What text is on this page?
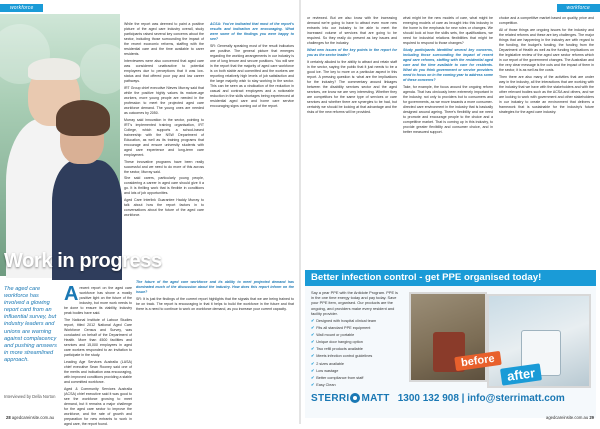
workforce
Work in progress
The aged care workforce has involved a glowing report card from an influential survey, but industry leaders and unions are warning against complacency and pushing answers in more streamlined approach.
Interviewed by Della Norton

Arecent report on the aged care workforce has shone a mostly positive light on the future of the industry, but more work needs to be done to ensure its viability, industry peak bodies have said.

The National Institute of Labour Studies report, titled 2012 National Aged Care Workforce Census and Survey, was conducted on behalf of the Department of Health. More than 4500 facilities and services and 15,000 employees in aged care workers responded to an invitation to participate in the study.

Leading Age Services Australia (LASA) chief executive Sean Rooney said one of the merits and indication was encouraging, with improved conditions providing a stable and committed workforce.

Aged & Community Services Australia (ACSA) chief executive said it was good to see the workforce growing to meet demand, but it remains a major challenge for the aged care sector to improve the workforce, and the rate of growth and preparation for new entrants to work in aged care, the report found.

While the report was deemed to paint a positive picture of the aged care industry overall, study participants raised several key concerns about the sector, including those surrounding the impact of the recent economic reforms, staffing with the residential care and the time available to carer residents.

Interviewees were also concerned that aged care was considered unattractive to potential employees due to perceptions that it was low-status and that offered poor pay and low career pathways.

IRT Group chief executive Nieves Murray said that while the positive highly values its mature-age workers, more young people are needed in the profession to meet the projected aged care workforce demand. The young ones are needed as outcomes by 2050.

Murray said innovation in the sector, pointing to IRT's implemented training organisation, IRT College, which supports a school-based traineeship with the NSW Department of Education, as well as its training programs that encourage and ensure university students with aged care experience and long-term care employment.

These innovative programs have been really successful and we need to do more of this across the sector, Murray said.

She said carers, particularly young people, considering a career in aged care should give it a go. It is thrilling work that is flexible in conditions and lots of job opportunities.

Aged Care Interlink Guarantee Haddy Murray to talk about how the report factors in to conversations about the future of the aged care workforce.

ACSA: You've indicated that most of the report's results and indication are encouraging. What were some of the findings you were happy to see?

SR: Generally speaking most of the result indicators are positive. The general picture that emerges regarding the working arrangements in our industry is one of long tenure and secure positions. You will see in the report that the majority of aged care workforce is on both stable and committed and the workers are reporting relatively high levels of job satisfaction and the large majority wish to stay working in the sector. This can be seen as a vindication of the reduction in casual and contract employees and a noticeable reduction in the skills shortages being experienced at residential aged care and home care service encouraging signs coming out of the report.

The future of the aged care workforce and its ability to meet projected demand has dominated much of the discussion about the industry. How does this report inform on the issue?

SR: It is just the findings of the current report highlights that the signals that we are being trained to be on track. The report is encouraging in that it helps to build the workforce in the future and that there is a need to continue to work on workforce demand, as you increase your current capacity.

28 agedcareinsite.com.au
workforce

or reviewed. But we also know with the increasing demand we're going to have to attract even more new entrants into our industry to be able to meet the increased volume of services that are going to be required. So they really do present as key issues and challenges for the industry.

What new issues of the key points in the report for you as the sector leader?

It certainly alluded to the ability to attract and retain staff in the sector, saying the public that it just needs to be a good ice. The key to more on a particular aspect in this report. A pressing question is: what are the implications for the industry? The commentary around linkages between the disability services sector and the aged services, we know we are very interesting. Whether they are competitors for the same type of services or care services and whether there are synergies to be had, but certainly we should be looking at that advantage and the risks of the new reforms will be provided.

what might be the new models of care, what might be emerging models of care as brought into this industry in the home is the emphasis for new roles or changes. We should look at how the skills sets, the qualifications, we need for industrial relations flexibilities that might be required to respond to those changes?

Study participants identified several key concerns, including those surrounding the impact of recent aged care reforms, staffing with the residential aged care and the time available to care for residents. What do you think government or service providers need to focus on in the coming year to address some of these concerns?

Take, for example, the focus around the ongoing reform agenda. That has obviously been extremely important in the industry, not only to providers but to consumers and for governments, as we move towards a more consumer-directed care environment in the industry that is basically designed around ageing. There's flexibility and we need to promote and encourage people to the choice and a competitive market. That is coming up in this industry, to provide greater flexibility and consumer choice, and in better measured support.

choice and a competitive market based on quality, price and competition.

All of those things are ongoing issues for the industry and the related reforms and these are key challenges. The major things that are happening in the industry are with regard to the funding, the budget's funding, the funding from the Department of Health as well as the funding implications on the legislative review of the aged care sector reforms which in our report of the government changes. The Australian and the very clear message is the cuts and the impact of them in the sector, it is as well as the costs.

Then there are also many of the activities that are under way in the industry, all the interactions that are working with the industry that we have with the stakeholders and with the other relevant bodies such as the ACSA and others, and we are looking to work with government and other stakeholders in our industry to create an environment that delivers a framework that is sustainable for the industry's future strategies for the aged care industry.

Better infection control - get PPE organised today!
Say a year PPE with the Antidote Program. PPE is in the one time energy today and pay today. Save your PPE item, organised. Our products are the ongoing, and providers make every resident and facility provider.
✔ Designed with hospital clinical team
✔ Fits all standard PPE equipment
✔ Wall mount or portable
✔ Unique door hanging option
✔ Two refill products available
✔ Meets infection control guidelines
✔ 2 sizes available
✔ Low wastage
✔ Better compliance from staff
✔ Easy Clean
before
after
STERRI MATT 1300 132 908 | info@sterrimatt.com
agedcareinsite.com.au 29
